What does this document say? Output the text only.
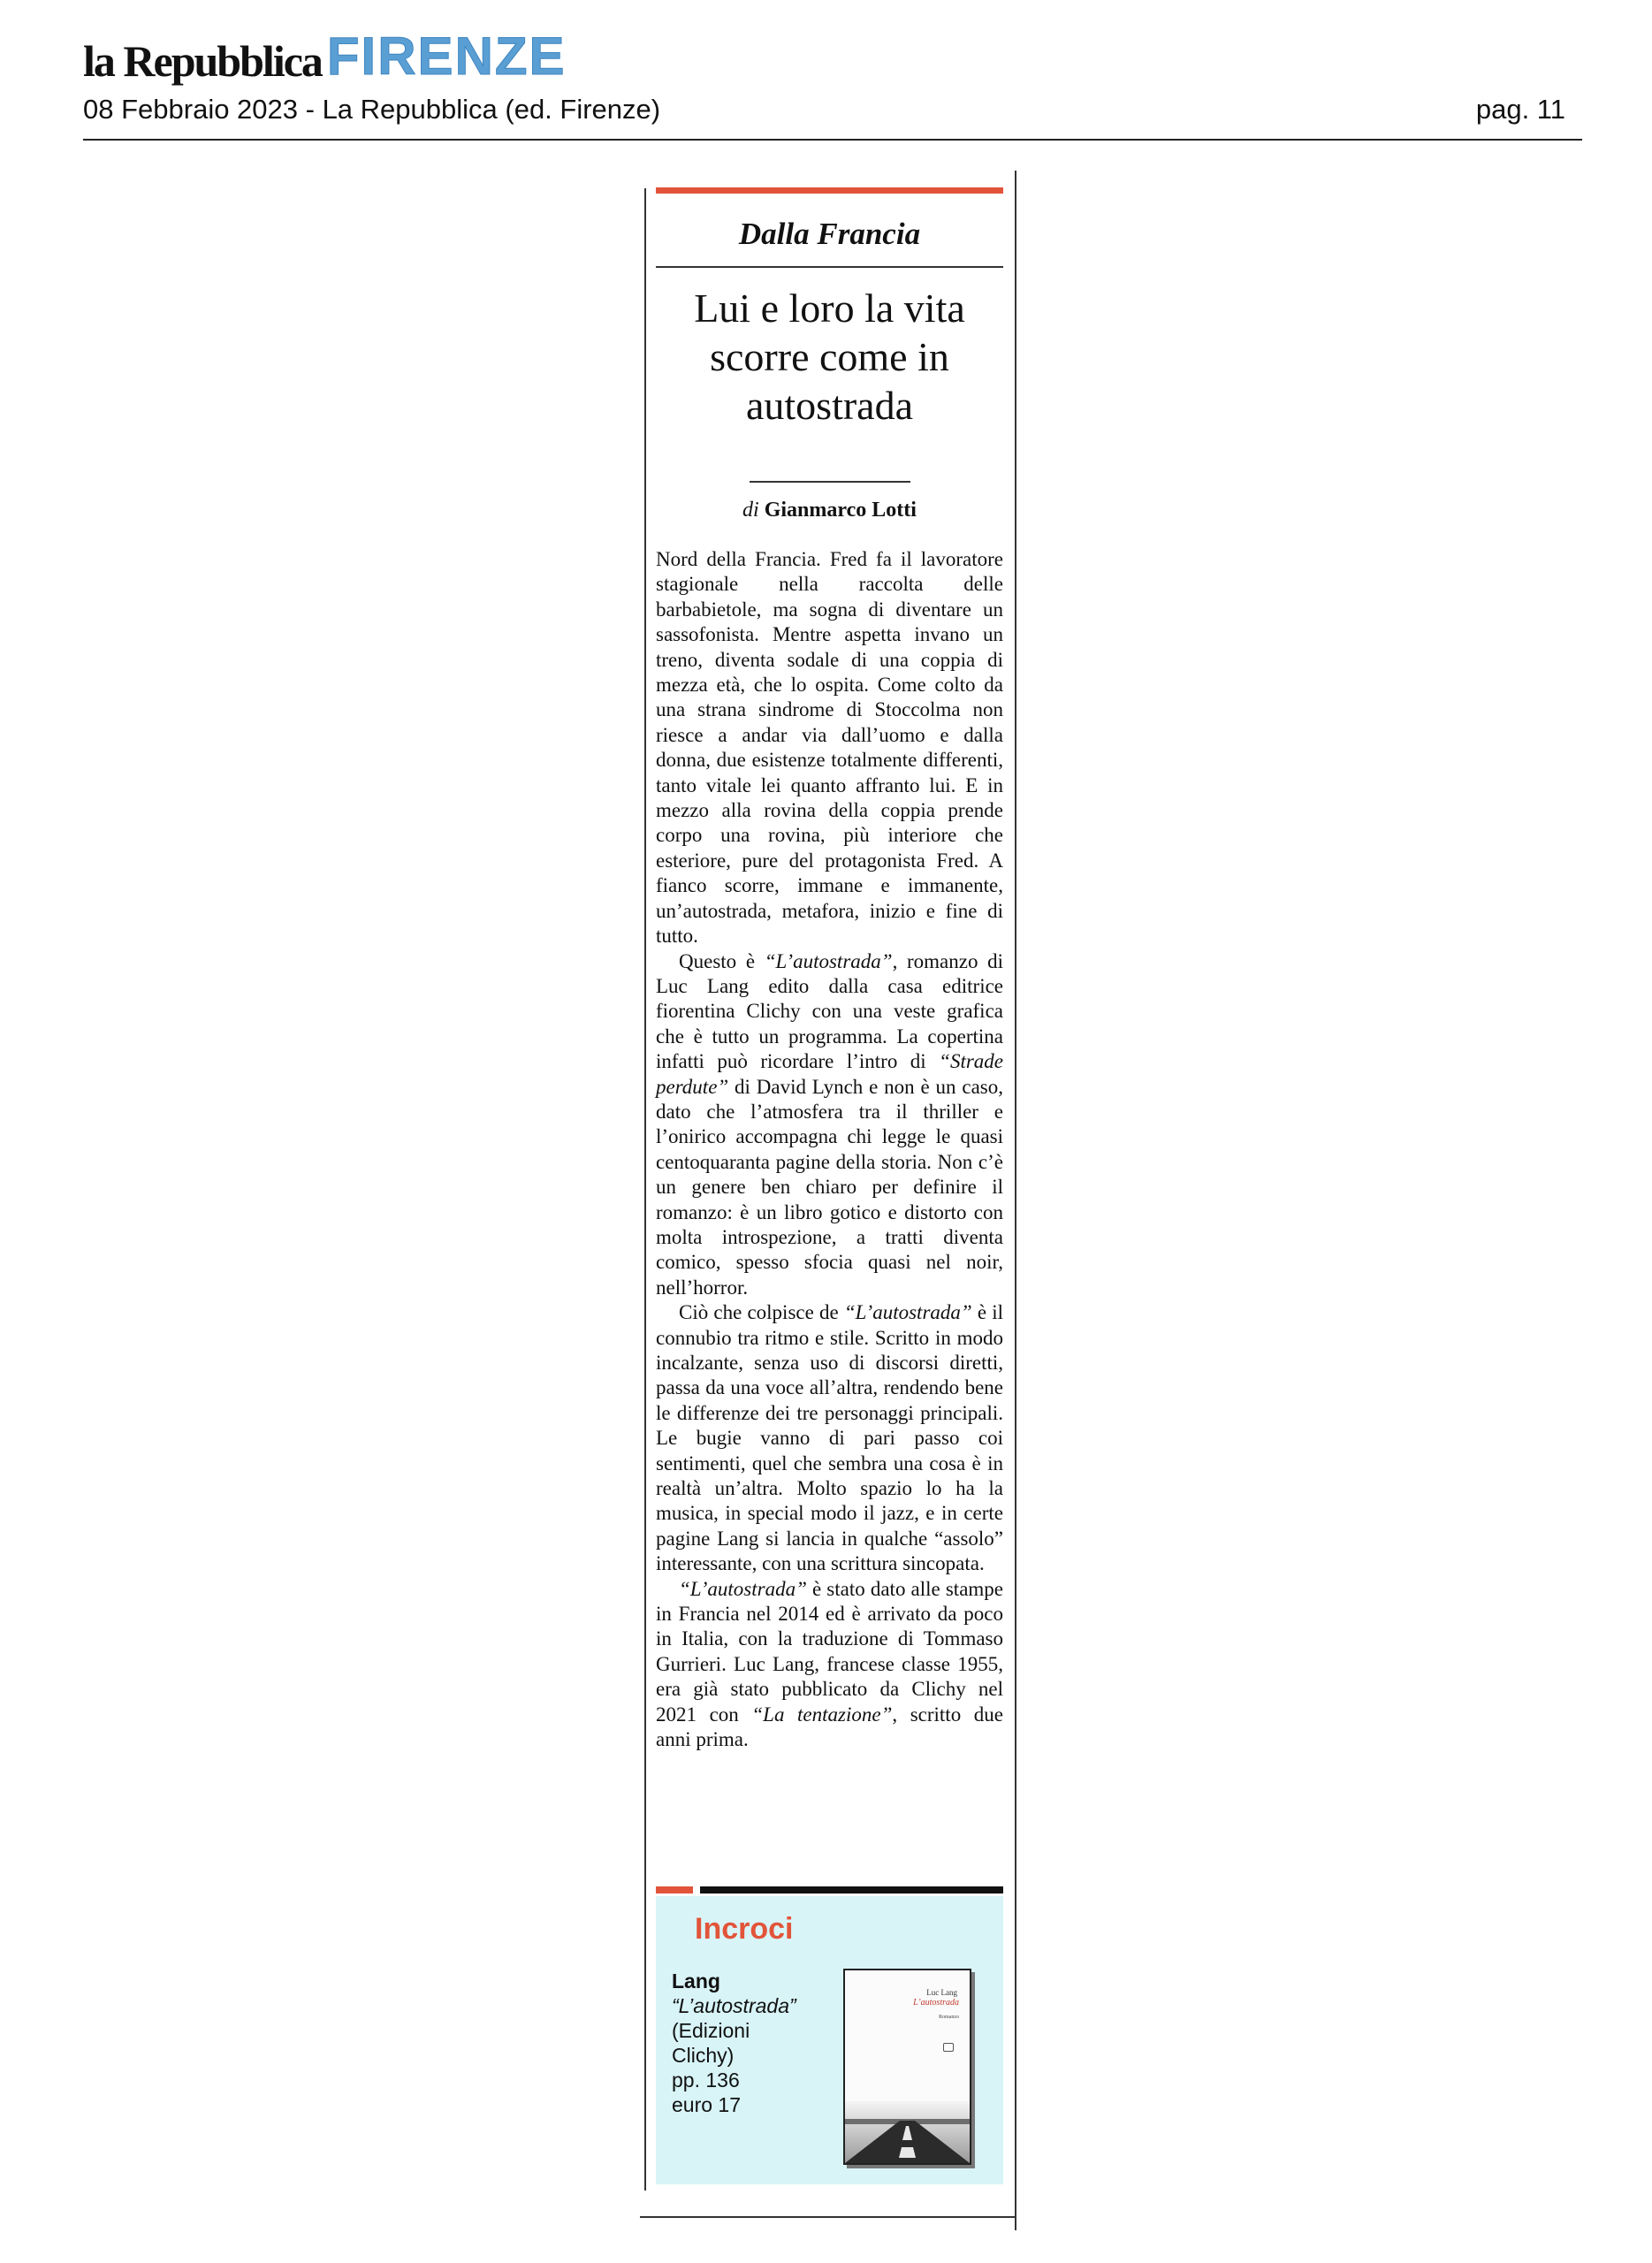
la Repubblica FIRENZE
08 Febbraio 2023 - La Repubblica (ed. Firenze)	pag. 11
Dalla Francia
Lui e loro la vita scorre come in autostrada
di Gianmarco Lotti

Nord della Francia. Fred fa il lavoratore stagionale nella raccolta delle barbabietole, ma sogna di diventare un sassofonista. Mentre aspetta invano un treno, diventa sodale di una coppia di mezza età, che lo ospita. Come colto da una strana sindrome di Stoccolma non riesce a andar via dall’uomo e dalla donna, due esistenze totalmente differenti, tanto vitale lei quanto affranto lui. E in mezzo alla rovina della coppia prende corpo una rovina, più interiore che esteriore, pure del protagonista Fred. A fianco scorre, immane e immanente, un’autostrada, metafora, inizio e fine di tutto.

Questo è “L’autostrada”, romanzo di Luc Lang edito dalla casa editrice fiorentina Clichy con una veste grafica che è tutto un programma. La copertina infatti può ricordare l’intro di “Strade perdute” di David Lynch e non è un caso, dato che l’atmosfera tra il thriller e l’onirico accompagna chi legge le quasi centoquaranta pagine della storia. Non c’è un genere ben chiaro per definire il romanzo: è un libro gotico e distorto con molta introspezione, a tratti diventa comico, spesso sfocia quasi nel noir, nell’horror.

Ciò che colpisce de “L’autostrada” è il connubio tra ritmo e stile. Scritto in modo incalzante, senza uso di discorsi diretti, passa da una voce all’altra, rendendo bene le differenze dei tre personaggi principali. Le bugie vanno di pari passo coi sentimenti, quel che sembra una cosa è in realtà un’altra. Molto spazio lo ha la musica, in special modo il jazz, e in certe pagine Lang si lancia in qualche “assolo” interessante, con una scrittura sincopata.

“L’autostrada” è stato dato alle stampe in Francia nel 2014 ed è arrivato da poco in Italia, con la traduzione di Tommaso Gurrieri. Luc Lang, francese classe 1955, era già stato pubblicato da Clichy nel 2021 con “La tentazione”, scritto due anni prima.

Incroci
Lang
“L’autostrada”
(Edizioni Clichy)
pp. 136
euro 17
Luc Lang
L’autostrada
Romanzo
